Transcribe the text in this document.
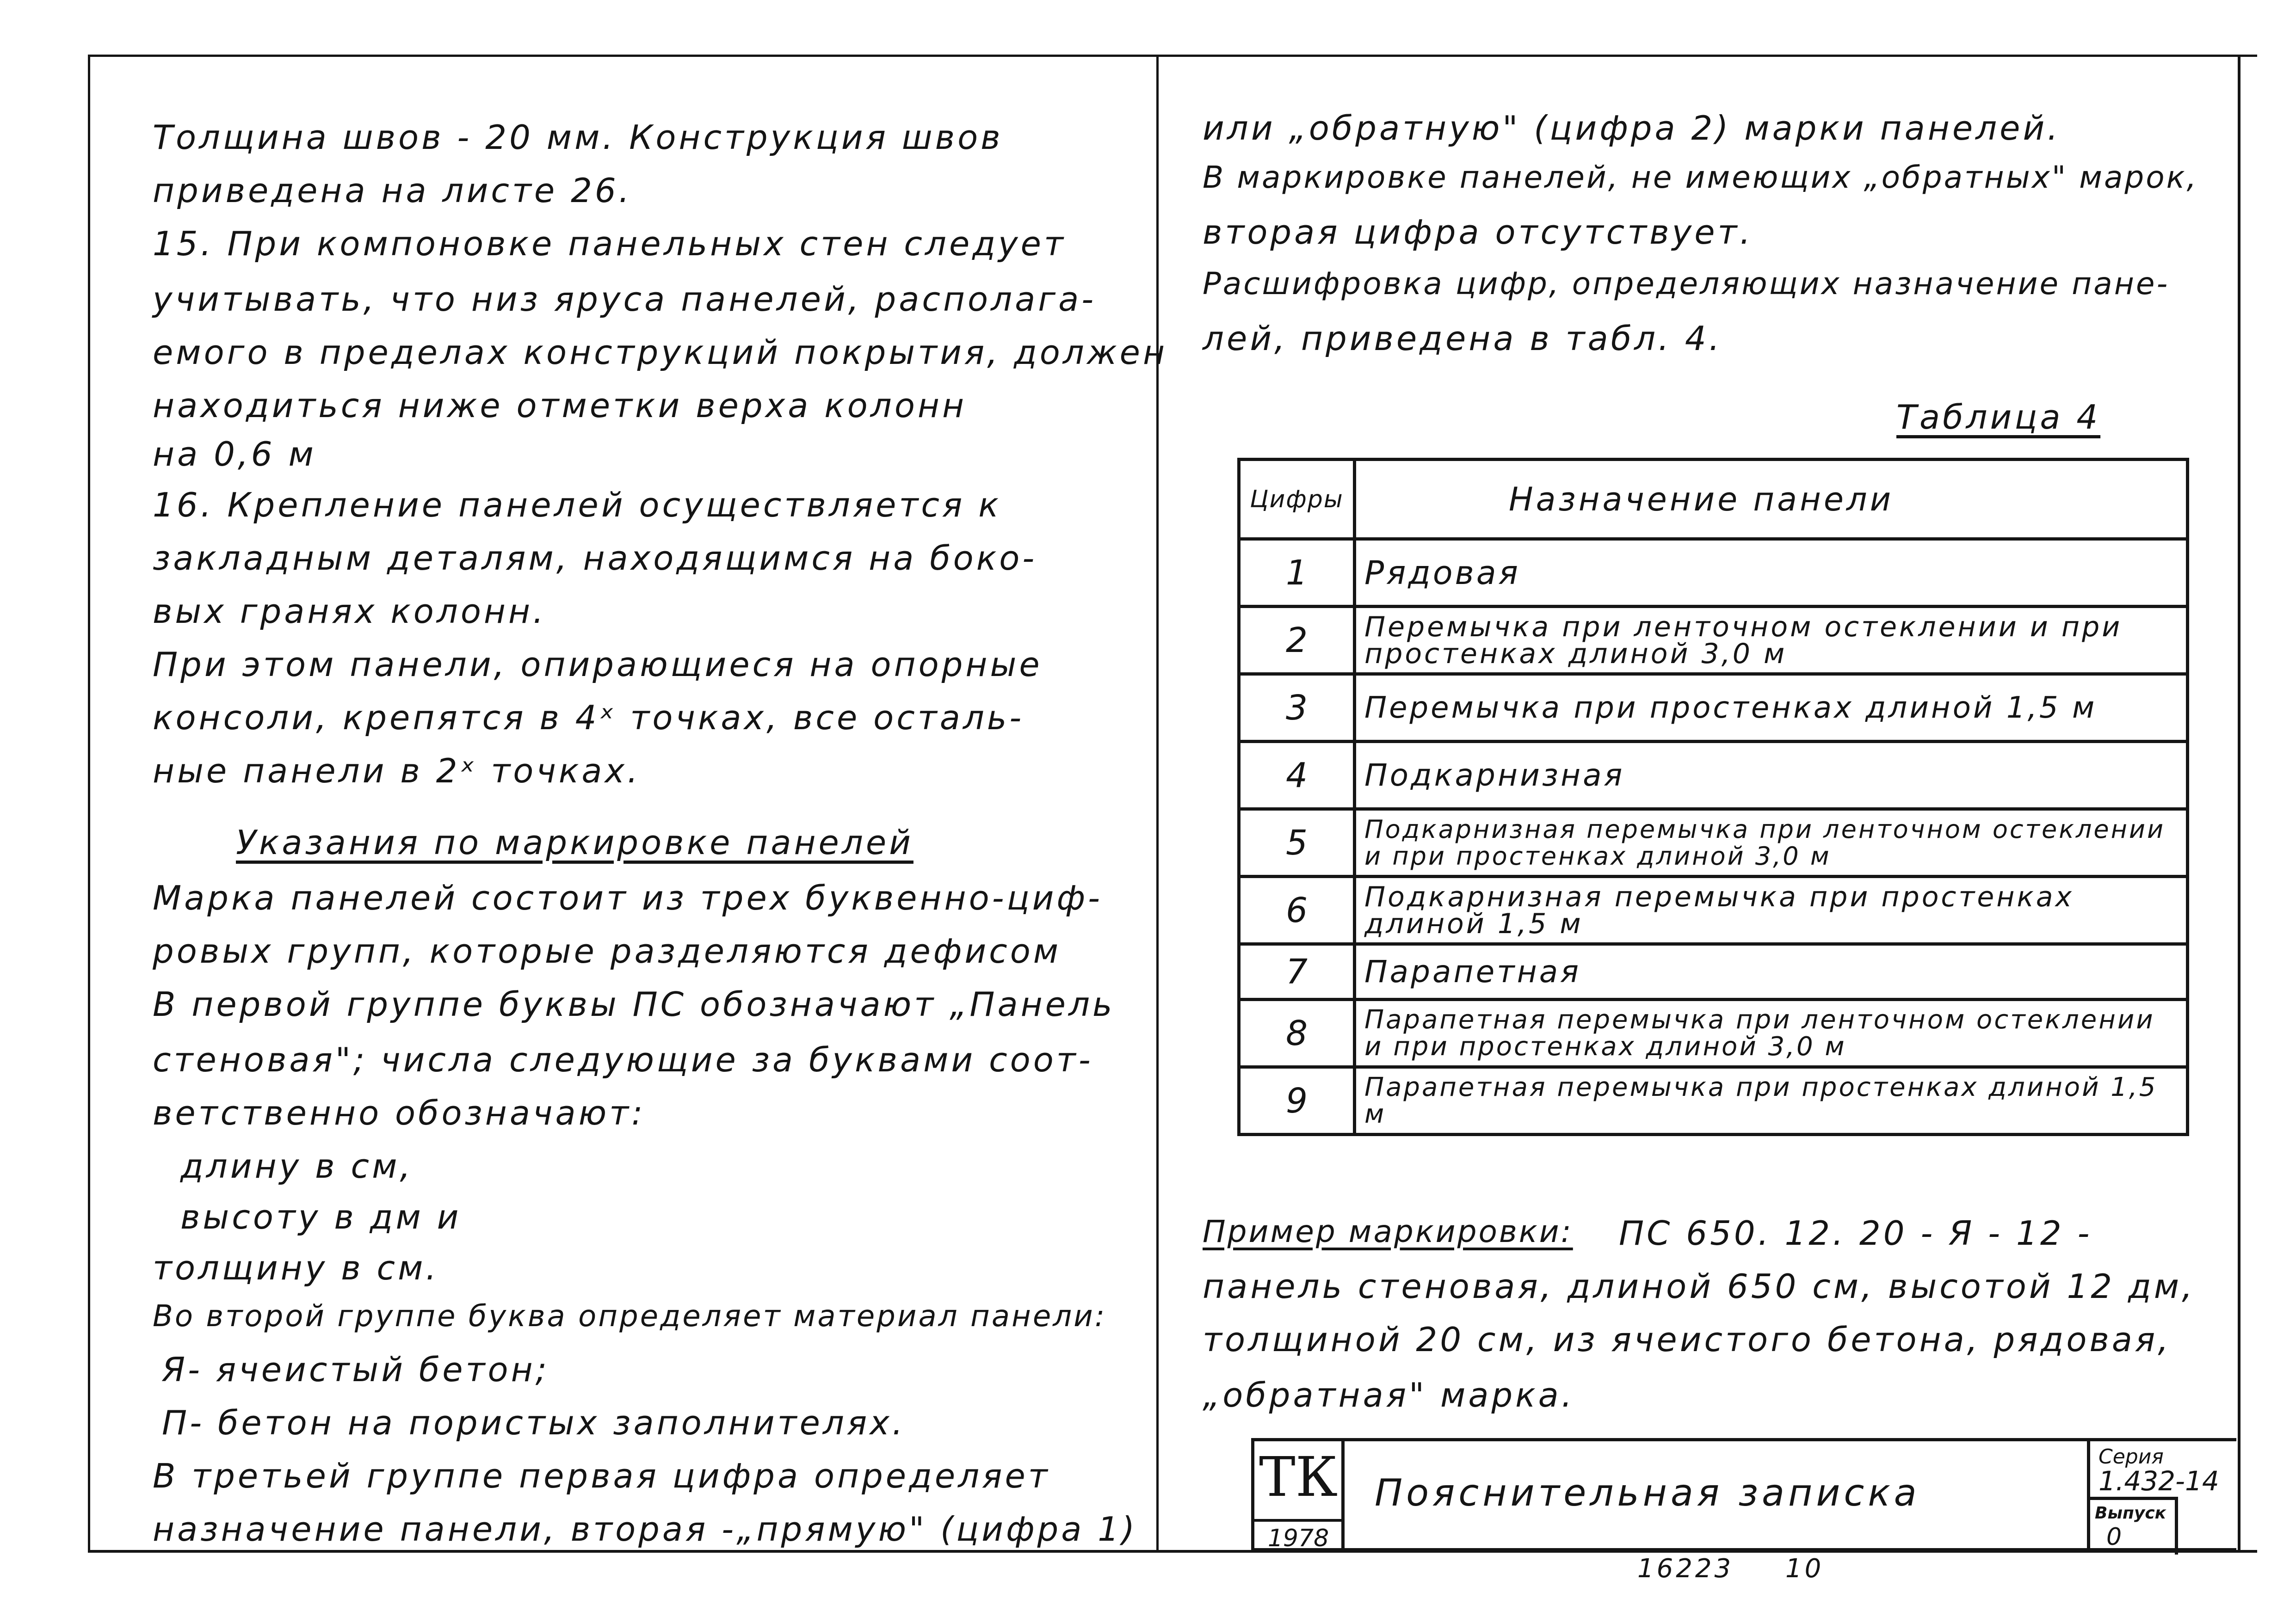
Толщина швов - 20 мм. Конструкция швов
приведена на листе 26.
15. При компоновке панельных стен следует
учитывать, что низ яруса панелей, располага-
емого в пределах конструкций покрытия, должен
находиться ниже отметки верха колонн
на 0,6 м
16. Крепление панелей осуществляется к
закладным деталям, находящимся на боко-
вых гранях колонн.
При этом панели, опирающиеся на опорные
консоли, крепятся в 4ˣ точках, все осталь-
ные панели в 2ˣ точках.
Указания по маркировке панелей
Марка панелей состоит из трех буквенно-циф-
ровых групп, которые разделяются дефисом
В первой группе буквы ПС обозначают „Панель
стеновая"; числа следующие за буквами соот-
ветственно обозначают:
длину в см,
высоту в дм и
толщину в см.
Во второй группе буква определяет материал панели:
Я- ячеистый бетон;
П- бетон на пористых заполнителях.
В третьей группе первая цифра определяет
назначение панели, вторая -„прямую" (цифра 1)
или „обратную" (цифра 2) марки панелей.
В маркировке панелей, не имеющих „обратных" марок,
вторая цифра отсутствует.
Расшифровка цифр, определяющих назначение пане-
лей, приведена в табл. 4.
Таблица 4
Цифры	Назначение панели
1	Рядовая
2	Перемычка при ленточном остеклении и при простенках длиной 3,0 м
3	Перемычка при простенках длиной 1,5 м
4	Подкарнизная
5	Подкарнизная перемычка при ленточном остеклении и при простенках длиной 3,0 м
6	Подкарнизная перемычка при простенках длиной 1,5 м
7	Парапетная
8	Парапетная перемычка при ленточном остеклении и при простенках длиной 3,0 м
9	Парапетная перемычка при простенках длиной 1,5 м
Пример маркировки: ПС 650. 12. 20 - Я - 12 -
панель стеновая, длиной 650 см, высотой 12 дм,
толщиной 20 см, из ячеистого бетона, рядовая,
„обратная" марка.
ТК
1978
Пояснительная записка
Серия
1.432-14
Выпуск
0
16223 10
